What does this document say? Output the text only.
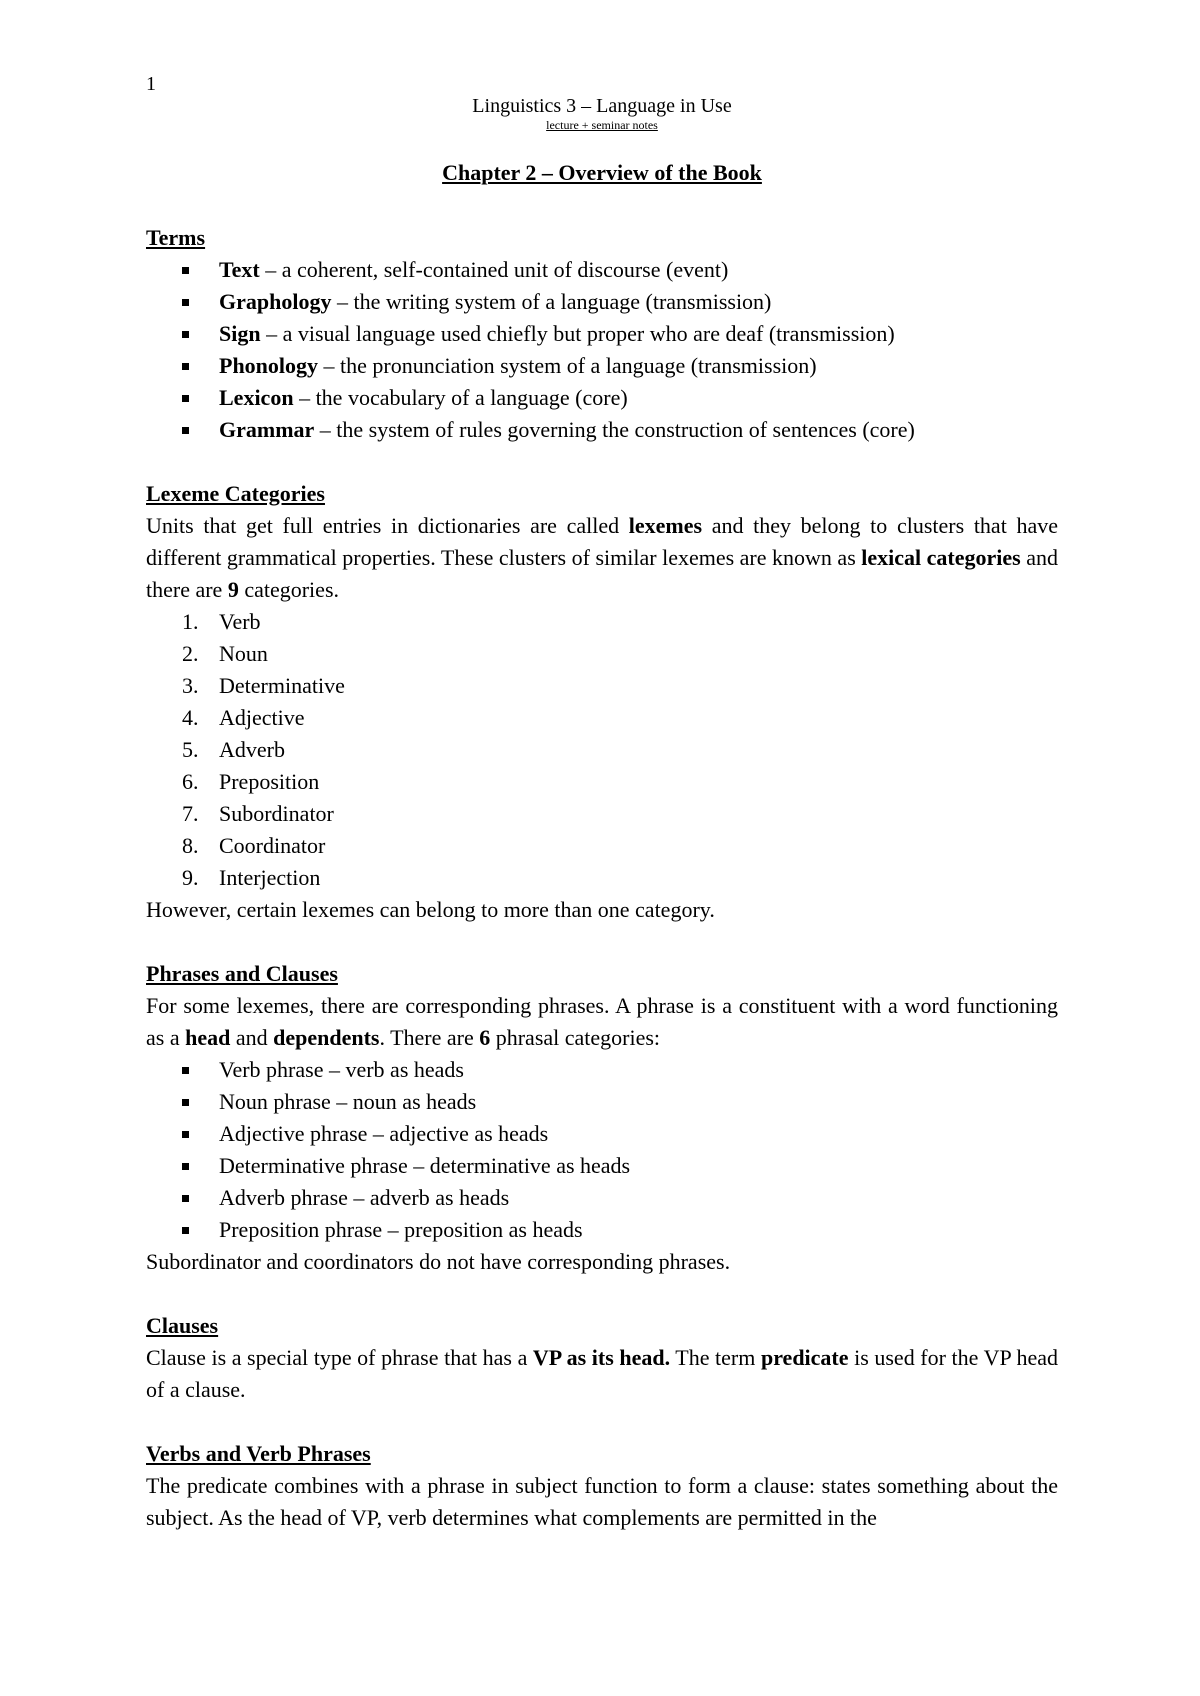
1
Linguistics 3 – Language in Use
lecture + seminar notes
Chapter 2 – Overview of the Book
Terms
Text – a coherent, self-contained unit of discourse (event)
Graphology – the writing system of a language (transmission)
Sign – a visual language used chiefly but proper who are deaf (transmission)
Phonology – the pronunciation system of a language (transmission)
Lexicon – the vocabulary of a language (core)
Grammar – the system of rules governing the construction of sentences (core)
Lexeme Categories
Units that get full entries in dictionaries are called lexemes and they belong to clusters that have different grammatical properties. These clusters of similar lexemes are known as lexical categories and there are 9 categories.
1. Verb
2. Noun
3. Determinative
4. Adjective
5. Adverb
6. Preposition
7. Subordinator
8. Coordinator
9. Interjection
However, certain lexemes can belong to more than one category.
Phrases and Clauses
For some lexemes, there are corresponding phrases. A phrase is a constituent with a word functioning as a head and dependents. There are 6 phrasal categories:
Verb phrase – verb as heads
Noun phrase – noun as heads
Adjective phrase – adjective as heads
Determinative phrase – determinative as heads
Adverb phrase – adverb as heads
Preposition phrase – preposition as heads
Subordinator and coordinators do not have corresponding phrases.
Clauses
Clause is a special type of phrase that has a VP as its head. The term predicate is used for the VP head of a clause.
Verbs and Verb Phrases
The predicate combines with a phrase in subject function to form a clause: states something about the subject. As the head of VP, verb determines what complements are permitted in the
